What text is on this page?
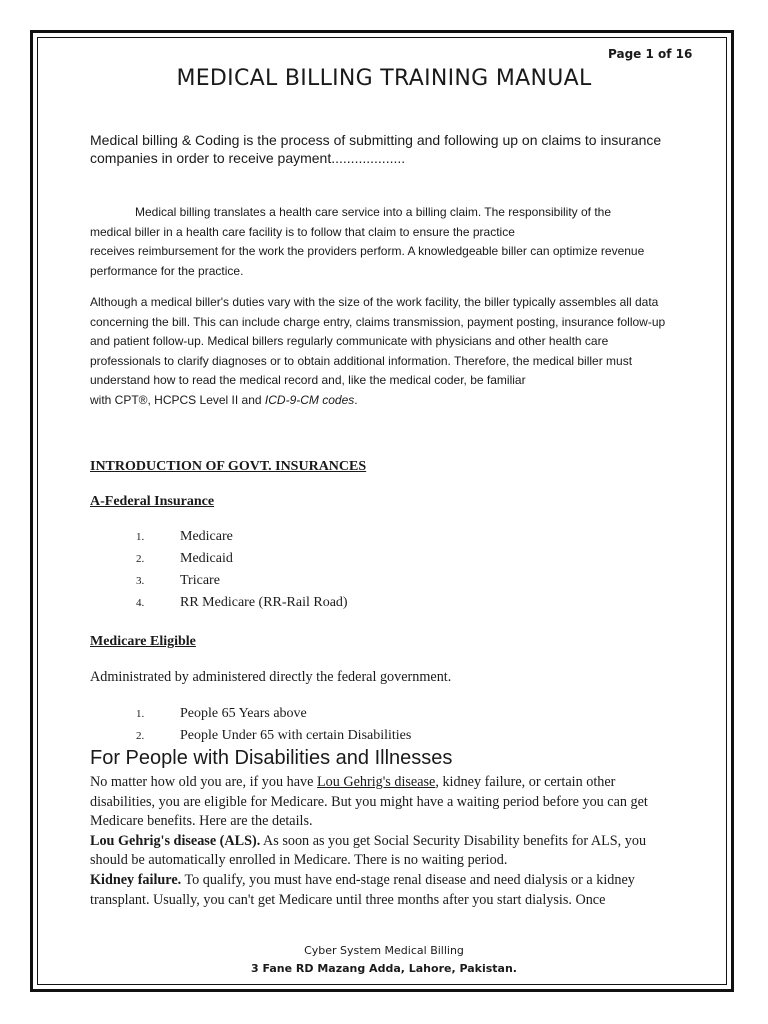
Page 1 of 16
MEDICAL BILLING TRAINING MANUAL
Medical billing & Coding is the process of submitting and following up on claims to insurance companies in order to receive payment...................

Medical billing translates a health care service into a billing claim. The responsibility of the

medical biller in a health care facility is to follow that claim to ensure the practice

receives reimbursement for the work the providers perform. A knowledgeable biller can optimize revenue

performance for the practice.

Although a medical biller's duties vary with the size of the work facility, the biller typically assembles all data concerning the bill. This can include charge entry, claims transmission, payment posting, insurance follow-up and patient follow-up. Medical billers regularly communicate with physicians and other health care professionals to clarify diagnoses or to obtain additional information. Therefore, the medical biller must understand how to read the medical record and, like the medical coder, be familiar

with CPT®, HCPCS Level II and ICD-9-CM codes.

INTRODUCTION OF GOVT. INSURANCES
A-Federal Insurance
1.	Medicare
2.	Medicaid
3.	Tricare
4.	RR Medicare (RR-Rail Road)
Medicare Eligible
Administrated by administered directly the federal government.
1.	People 65 Years above
2.	People Under 65 with certain Disabilities
For People with Disabilities and Illnesses
No matter how old you are, if you have Lou Gehrig's disease, kidney failure, or certain other disabilities, you are eligible for Medicare. But you might have a waiting period before you can get Medicare benefits. Here are the details.
Lou Gehrig's disease (ALS). As soon as you get Social Security Disability benefits for ALS, you should be automatically enrolled in Medicare. There is no waiting period.
Kidney failure. To qualify, you must have end-stage renal disease and need dialysis or a kidney transplant. Usually, you can't get Medicare until three months after you start dialysis. Once
Cyber System Medical Billing
3 Fane RD Mazang Adda, Lahore, Pakistan.
